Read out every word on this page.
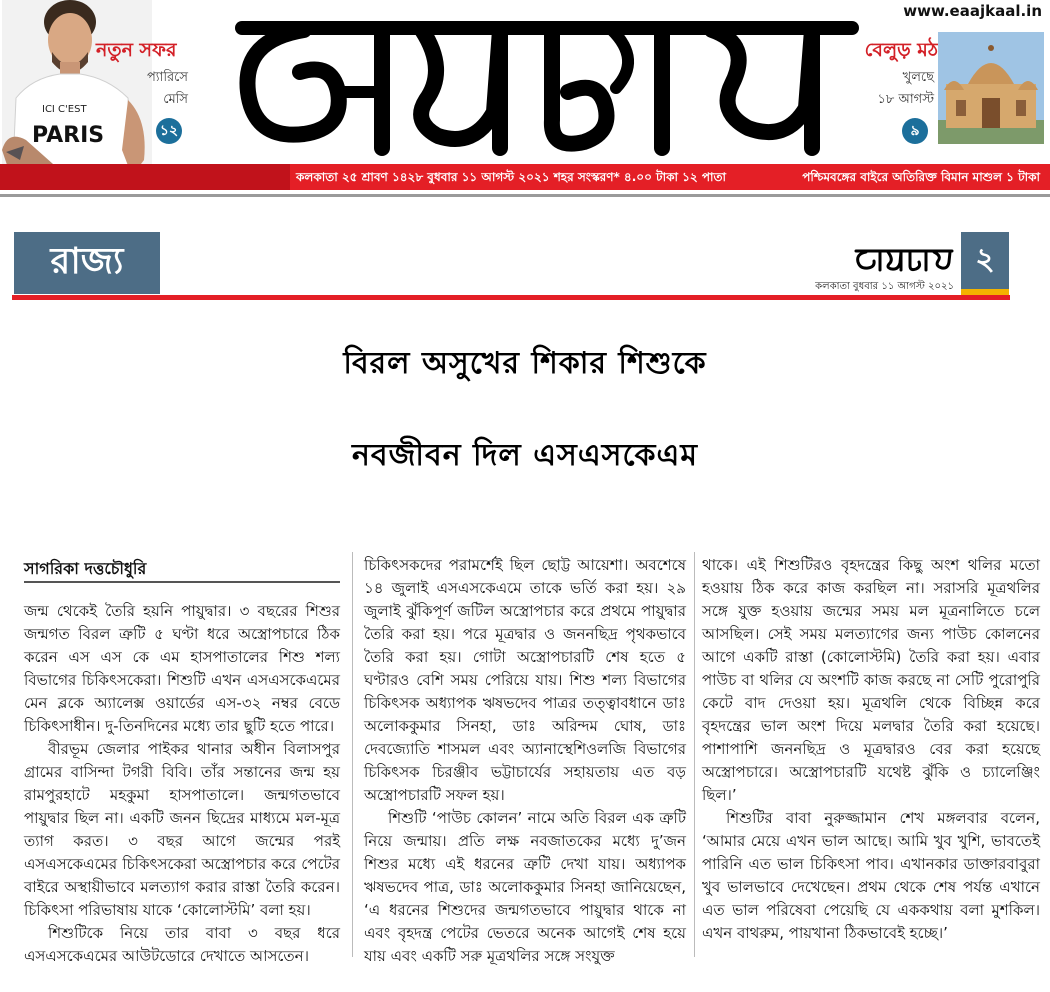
ICI C'EST
PARIS
নতুন সফর
প্যারিসে
মেসি
১২
www.eaajkaal.in
বেলুড় মঠ
খুলছে
১৮ আগস্ট
৯
কলকাতা ২৫ শ্রাবণ ১৪২৮ বুধবার ১১ আগস্ট ২০২১ শহর সংস্করণ* ৪.০০ টাকা ১২ পাতা	পশ্চিমবঙ্গের বাইরে অতিরিক্ত বিমান মাশুল ১ টাকা
রাজ্য	২
কলকাতা বুধবার ১১ আগস্ট ২০২১
বিরল অসুখের শিকার শিশুকে
নবজীবন দিল এসএসকেএম
সাগরিকা দত্তচৌধুরি

জন্ম থেকেই তৈরি হয়নি পায়ুদ্বার। ৩ বছরের শিশুর জন্মগত বিরল ত্রুটি ৫ ঘণ্টা ধরে অস্ত্রোপচারে ঠিক করেন এস এস কে এম হাসপাতালের শিশু শল্য বিভাগের চিকিৎসকেরা। শিশুটি এখন এসএসকেএমের মেন ব্লকে অ্যালেক্স ওয়ার্ডের এস-৩২ নম্বর বেডে চিকিৎসাধীন। দু-তিনদিনের মধ্যে তার ছুটি হতে পারে।

বীরভূম জেলার পাইকর থানার অধীন বিলাসপুর গ্রামের বাসিন্দা টগরী বিবি। তাঁর সন্তানের জন্ম হয় রামপুরহাটে মহকুমা হাসপাতালে। জন্মগতভাবে পায়ুদ্বার ছিল না। একটি জনন ছিদ্রের মাধ্যমে মল-মূত্র ত্যাগ করত। ৩ বছর আগে জন্মের পরই এসএসকেএমের চিকিৎসকেরা অস্ত্রোপচার করে পেটের বাইরে অস্থায়ীভাবে মলত্যাগ করার রাস্তা তৈরি করেন। চিকিৎসা পরিভাষায় যাকে ‘কোলোস্টমি’ বলা হয়।

শিশুটিকে নিয়ে তার বাবা ৩ বছর ধরে এসএসকেএমের আউটডোরে দেখাতে আসতেন।

চিকিৎসকদের পরামর্শেই ছিল ছোট্ট আয়েশা। অবশেষে ১৪ জুলাই এসএসকেএমে তাকে ভর্তি করা হয়। ২৯ জুলাই ঝুঁকিপূর্ণ জটিল অস্ত্রোপচার করে প্রথমে পায়ুদ্বার তৈরি করা হয়। পরে মূত্রদ্বার ও জননছিদ্র পৃথকভাবে তৈরি করা হয়। গোটা অস্ত্রোপচারটি শেষ হতে ৫ ঘণ্টারও বেশি সময় পেরিয়ে যায়। শিশু শল্য বিভাগের চিকিৎসক অধ্যাপক ঋষভদেব পাত্রর তত্ত্বাবধানে ডাঃ অলোককুমার সিনহা, ডাঃ অরিন্দম ঘোষ, ডাঃ দেবজ্যোতি শাসমল এবং অ্যানাস্থেশিওলজি বিভাগের চিকিৎসক চিরঞ্জীব ভট্টাচার্যের সহায়তায় এত বড় অস্ত্রোপচারটি সফল হয়।

শিশুটি ‘পাউচ কোলন’ নামে অতি বিরল এক ত্রুটি নিয়ে জন্মায়। প্রতি লক্ষ নবজাতকের মধ্যে দু’জন শিশুর মধ্যে এই ধরনের ত্রুটি দেখা যায়। অধ্যাপক ঋষভদেব পাত্র, ডাঃ অলোককুমার সিনহা জানিয়েছেন, ‘এ ধরনের শিশুদের জন্মগতভাবে পায়ুদ্বার থাকে না এবং বৃহদন্ত্র পেটের ভেতরে অনেক আগেই শেষ হয়ে যায় এবং একটি সরু মূত্রথলির সঙ্গে সংযুক্ত

থাকে। এই শিশুটিরও বৃহদন্ত্রের কিছু অংশ থলির মতো হওয়ায় ঠিক করে কাজ করছিল না। সরাসরি মূত্রথলির সঙ্গে যুক্ত হওয়ায় জন্মের সময় মল মূত্রনালিতে চলে আসছিল। সেই সময় মলত্যাগের জন্য পাউচ কোলনের আগে একটি রাস্তা (কোলোস্টমি) তৈরি করা হয়। এবার পাউচ বা থলির যে অংশটি কাজ করছে না সেটি পুরোপুরি কেটে বাদ দেওয়া হয়। মূত্রথলি থেকে বিচ্ছিন্ন করে বৃহদন্ত্রের ভাল অংশ দিয়ে মলদ্বার তৈরি করা হয়েছে। পাশাপাশি জননছিদ্র ও মূত্রদ্বারও বের করা হয়েছে অস্ত্রোপচারে। অস্ত্রোপচারটি যথেষ্ট ঝুঁকি ও চ্যালেঞ্জিং ছিল।’

শিশুটির বাবা নুরুজ্জামান শেখ মঙ্গলবার বলেন, ‘আমার মেয়ে এখন ভাল আছে। আমি খুব খুশি, ভাবতেই পারিনি এত ভাল চিকিৎসা পাব। এখানকার ডাক্তারবাবুরা খুব ভালভাবে দেখেছেন। প্রথম থেকে শেষ পর্যন্ত এখানে এত ভাল পরিষেবা পেয়েছি যে এককথায় বলা মুশকিল। এখন বাথরুম, পায়খানা ঠিকভাবেই হচ্ছে।’
